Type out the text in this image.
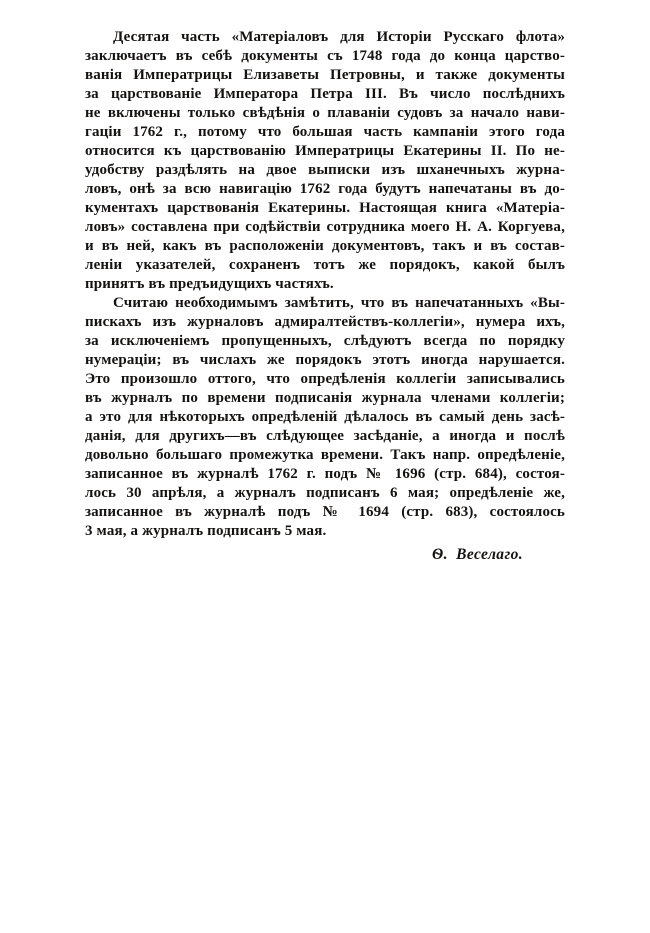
Десятая часть «Матеріаловъ для Исторіи Русскаго флота»
заключаетъ въ себѣ документы съ 1748 года до конца царство-
ванія Императрицы Елизаветы Петровны, и также документы
за царствованіе Императора Петра III. Въ число послѣднихъ
не включены только свѣдѣнія о плаваніи судовъ за начало нави-
гаціи 1762 г., потому что большая часть кампаніи этого года
относится къ царствованію Императрицы Екатерины II. По не-
удобству раздѣлять на двое выписки изъ шханечныхъ журна-
ловъ, онѣ за всю навигацію 1762 года будутъ напечатаны въ до-
кументахъ царствованія Екатерины. Настоящая книга «Матеріа-
ловъ» составлена при содѣйствіи сотрудника моего Н. А. Коргуева,
и въ ней, какъ въ расположеніи документовъ, такъ и въ состав-
леніи указателей, сохраненъ тотъ же порядокъ, какой былъ
принятъ въ предъидущихъ частяхъ.
Считаю необходимымъ замѣтить, что въ напечатанныхъ «Вы-
пискахъ изъ журналовъ адмиралтействъ-коллегіи», нумера ихъ,
за исключеніемъ пропущенныхъ, слѣдуютъ всегда по порядку
нумераціи; въ числахъ же порядокъ этотъ иногда нарушается.
Это произошло оттого, что опредѣленія коллегіи записывались
въ журналъ по времени подписанія журнала членами коллегіи;
а это для нѣкоторыхъ опредѣленій дѣлалось въ самый день засѣ-
данія, для другихъ—въ слѣдующее засѣданіе, а иногда и послѣ
довольно большаго промежутка времени. Такъ напр. опредѣленіе,
записанное въ журналѣ 1762 г. подъ № 1696 (стр. 684), состоя-
лось 30 апрѣля, а журналъ подписанъ 6 мая; опредѣленіе же,
записанное въ журналѣ подъ № 1694 (стр. 683), состоялось
3 мая, а журналъ подписанъ 5 мая.
Ѳ. Веселаго.
